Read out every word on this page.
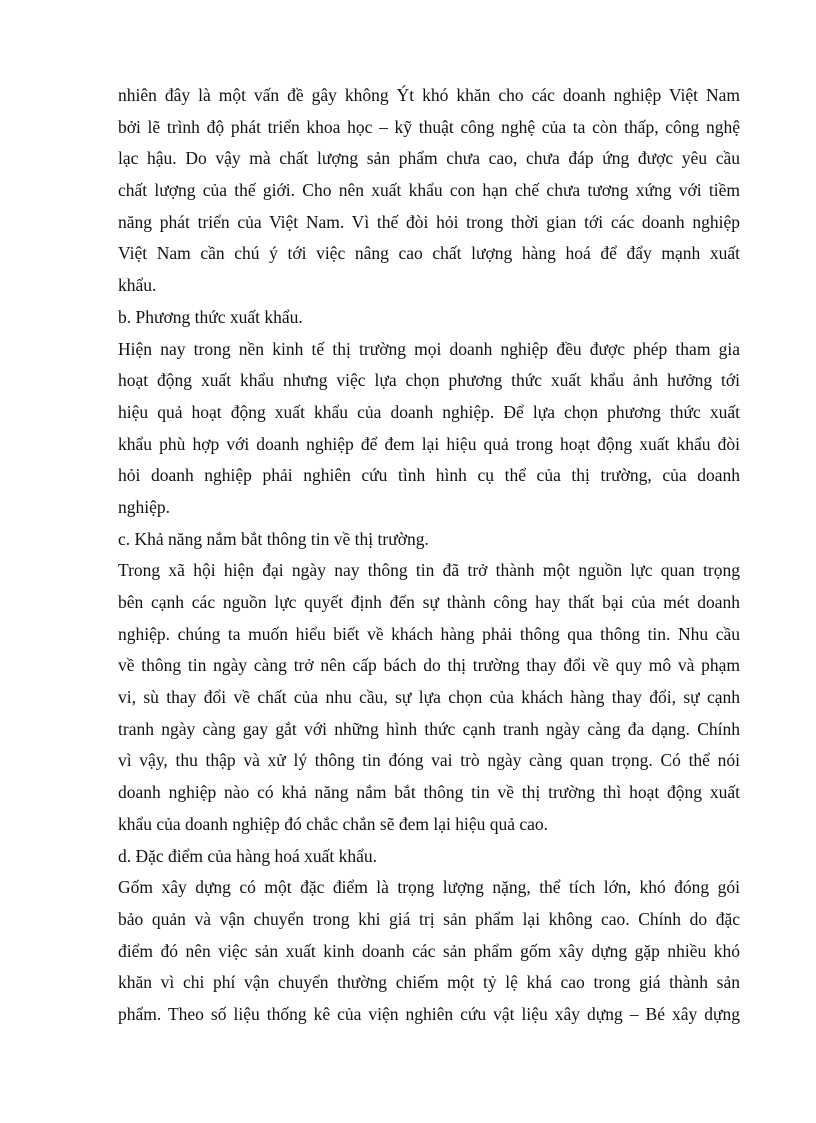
nhiên đây là một vấn đề gây không Ýt khó khăn cho các doanh nghiệp Việt Nam
bởi lẽ trình độ phát triển khoa học – kỹ thuật công nghệ của ta còn thấp, công nghệ
lạc hậu. Do vậy mà chất lượng sản phẩm chưa cao, chưa đáp ứng được yêu cầu
chất lượng của thế giới. Cho nên xuất khẩu con hạn chế chưa tương xứng với tiềm
năng phát triển của Việt Nam. Vì thế đòi hỏi trong thời gian tới các doanh nghiệp
Việt Nam cần chú ý tới việc nâng cao chất lượng hàng hoá để đẩy mạnh xuất
khẩu.
b. Phương thức xuất khẩu.
Hiện nay trong nền kinh tế thị trường mọi doanh nghiệp đều được phép tham gia
hoạt động xuất khẩu nhưng việc lựa chọn phương thức xuất khẩu ảnh hưởng tới
hiệu quả hoạt động xuất khẩu của doanh nghiệp. Để lựa chọn phương thức xuất
khẩu phù hợp với doanh nghiệp để đem lại hiệu quả trong hoạt động xuất khẩu đòi
hỏi doanh nghiệp phải nghiên cứu tình hình cụ thể của thị trường, của doanh
nghiệp.
c. Khả năng nắm bắt thông tin về thị trường.
Trong xã hội hiện đại ngày nay thông tin đã trở thành một nguồn lực quan trọng
bên cạnh các nguồn lực quyết định đến sự thành công hay thất bại của mét doanh
nghiệp. chúng ta muốn hiểu biết về khách hàng phải thông qua thông tin. Nhu cầu
về thông tin ngày càng trở nên cấp bách do thị trường thay đổi về quy mô và phạm
vi, sù thay đổi về chất của nhu cầu, sự lựa chọn của khách hàng thay đổi, sự cạnh
tranh ngày càng gay gắt với những hình thức cạnh tranh ngày càng đa dạng. Chính
vì vậy, thu thập và xử lý thông tin đóng vai trò ngày càng quan trọng. Có thể nói
doanh nghiệp nào có khả năng nắm bắt thông tin về thị trường thì hoạt động xuất
khẩu của doanh nghiệp đó chắc chắn sẽ đem lại hiệu quả cao.
d. Đặc điểm của hàng hoá xuất khẩu.
Gốm xây dựng có một đặc điểm là trọng lượng nặng, thể tích lớn, khó đóng gói
bảo quản và vận chuyển trong khi giá trị sản phẩm lại không cao. Chính do đặc
điểm đó nên việc sản xuất kinh doanh các sản phẩm gốm xây dựng gặp nhiều khó
khăn vì chi phí vận chuyển thường chiếm một tỷ lệ khá cao trong giá thành sản
phẩm. Theo số liệu thống kê của viện nghiên cứu vật liệu xây dựng – Bé xây dựng
